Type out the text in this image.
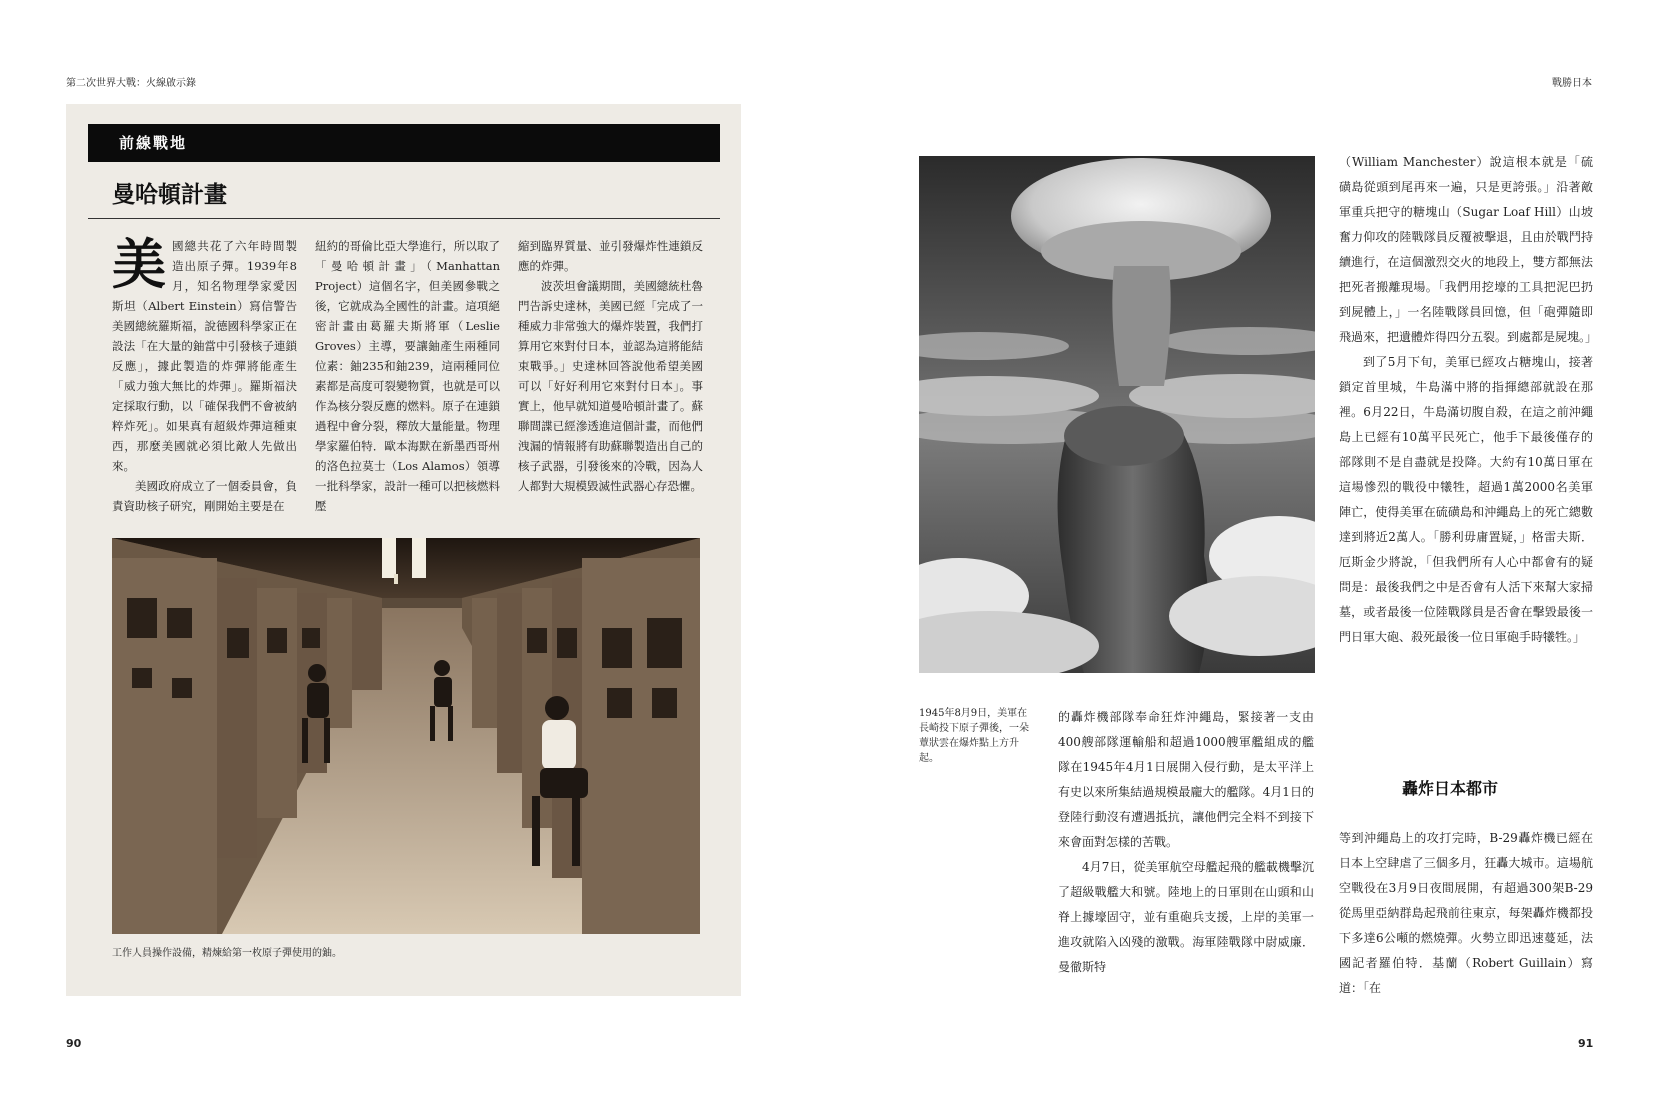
第二次世界大戰：火線啟示錄	戰勝日本
前線戰地
曼哈頓計畫
美 國總共花了六年時間製造出原子彈。1939年8月，知名物理學家愛因斯坦（Albert Einstein）寫信警告美國總統羅斯福，說德國科學家正在設法「在大量的鈾當中引發核子連鎖反應」，據此製造的炸彈將能產生「威力強大無比的炸彈」。羅斯福決定採取行動，以「確保我們不會被納粹炸死」。如果真有超級炸彈這種東西，那麼美國就必須比敵人先做出來。

美國政府成立了一個委員會，負責資助核子研究，剛開始主要是在

紐約的哥倫比亞大學進行，所以取了「曼哈頓計畫」（Manhattan Project）這個名字，但美國參戰之後，它就成為全國性的計畫。這項絕密計畫由葛羅夫斯將軍（Leslie Groves）主導，要讓鈾產生兩種同位素：鈾235和鈾239，這兩種同位素都是高度可裂變物質，也就是可以作為核分裂反應的燃料。原子在連鎖過程中會分裂，釋放大量能量。物理學家羅伯特．歐本海默在新墨西哥州的洛色拉莫士（Los Alamos）領導一批科學家，設計一種可以把核燃料壓

縮到臨界質量、並引發爆炸性連鎖反應的炸彈。

波茨坦會議期間，美國總統杜魯門告訴史達林，美國已經「完成了一種威力非常強大的爆炸裝置，我們打算用它來對付日本，並認為這將能結束戰爭。」史達林回答說他希望美國可以「好好利用它來對付日本」。事實上，他早就知道曼哈頓計畫了。蘇聯間諜已經滲透進這個計畫，而他們洩漏的情報將有助蘇聯製造出自己的核子武器，引發後來的冷戰，因為人人都對大規模毀滅性武器心存恐懼。

工作人員操作設備，精煉給第一枚原子彈使用的鈾。
90
1945年8月9日，美軍在長崎投下原子彈後，一朵蕈狀雲在爆炸點上方升起。

的轟炸機部隊奉命狂炸沖繩島，緊接著一支由400艘部隊運輸船和超過1000艘軍艦組成的艦隊在1945年4月1日展開入侵行動，是太平洋上有史以來所集結過規模最龐大的艦隊。4月1日的登陸行動沒有遭遇抵抗，讓他們完全料不到接下來會面對怎樣的苦戰。

4月7日，從美軍航空母艦起飛的艦載機擊沉了超級戰艦大和號。陸地上的日軍則在山頭和山脊上據壕固守，並有重砲兵支援，上岸的美軍一進攻就陷入凶殘的激戰。海軍陸戰隊中尉威廉．曼徹斯特

（William Manchester）說這根本就是「硫磺島從頭到尾再來一遍，只是更誇張。」沿著敵軍重兵把守的糖塊山（Sugar Loaf Hill）山坡奮力仰攻的陸戰隊員反覆被擊退，且由於戰鬥持續進行，在這個激烈交火的地段上，雙方都無法把死者搬離現場。「我們用挖壕的工具把泥巴扔到屍體上，」一名陸戰隊員回憶，但「砲彈隨即飛過來，把遺體炸得四分五裂。到處都是屍塊。」

到了5月下旬，美軍已經攻占糖塊山，接著鎖定首里城，牛島滿中將的指揮總部就設在那裡。6月22日，牛島滿切腹自殺，在這之前沖繩島上已經有10萬平民死亡，他手下最後僅存的部隊則不是自盡就是投降。大約有10萬日軍在這場慘烈的戰役中犧牲，超過1萬2000名美軍陣亡，使得美軍在硫磺島和沖繩島上的死亡總數達到將近2萬人。「勝利毋庸置疑，」格雷夫斯．厄斯金少將說，「但我們所有人心中都會有的疑問是：最後我們之中是否會有人活下來幫大家掃墓，或者最後一位陸戰隊員是否會在擊毀最後一門日軍大砲、殺死最後一位日軍砲手時犧牲。」

轟炸日本都市

等到沖繩島上的攻打完時，B-29轟炸機已經在日本上空肆虐了三個多月，狂轟大城市。這場航空戰役在3月9日夜間展開，有超過300架B-29從馬里亞納群島起飛前往東京，每架轟炸機都投下多達6公噸的燃燒彈。火勢立即迅速蔓延，法國記者羅伯特．基蘭（Robert Guillain）寫道：「在

91
